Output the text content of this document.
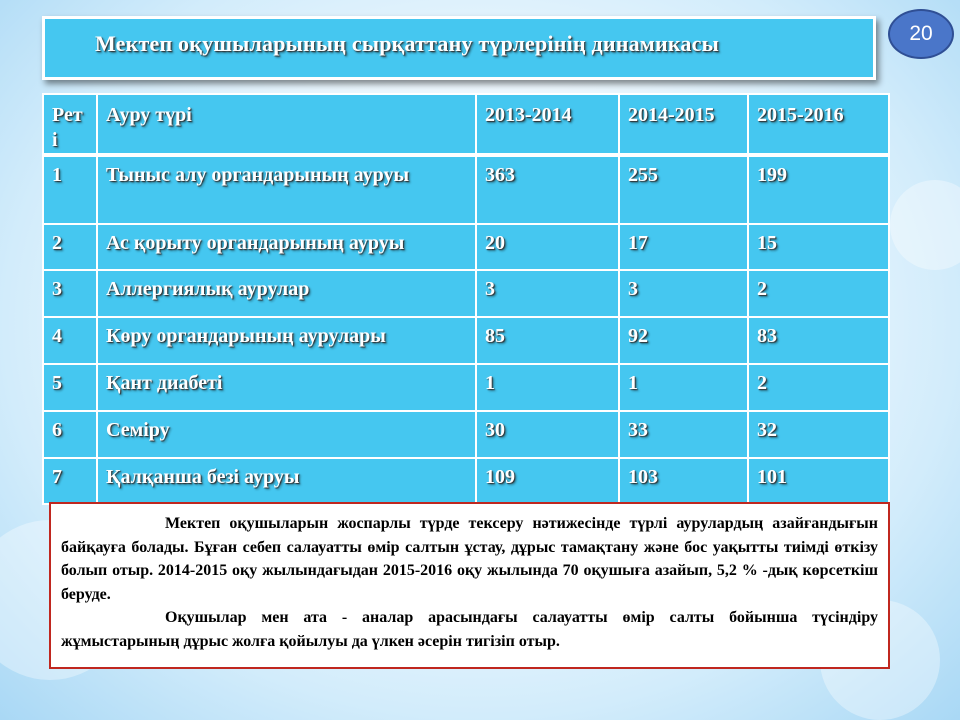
Мектеп оқушыларының сырқаттану түрлерінің динамикасы	20
Рет і	Ауру түрі	2013-2014	2014-2015	2015-2016
1	Тыныс алу органдарының ауруы	363	255	199
2	Ас қорыту органдарының ауруы	20	17	15
3	Аллергиялық аурулар	3	3	2
4	Көру органдарының аурулары	85	92	83
5	Қант диабеті	1	1	2
6	Семіру	30	33	32
7	Қалқанша безі ауруы	109	103	101

Мектеп оқушыларын жоспарлы түрде тексеру нәтижесінде түрлі аурулардың азайғандығын байқауға болады. Бұған себеп салауатты өмір салтын ұстау, дұрыс тамақтану және бос уақытты тиімді өткізу болып отыр. 2014-2015 оқу жылындағыдан 2015-2016 оқу жылында 70 оқушыға азайып, 5,2 % -дық көрсеткіш беруде.

Оқушылар мен ата - аналар арасындағы салауатты өмір салты бойынша түсіндіру жұмыстарының дұрыс жолға қойылуы да үлкен әсерін тигізіп отыр.
